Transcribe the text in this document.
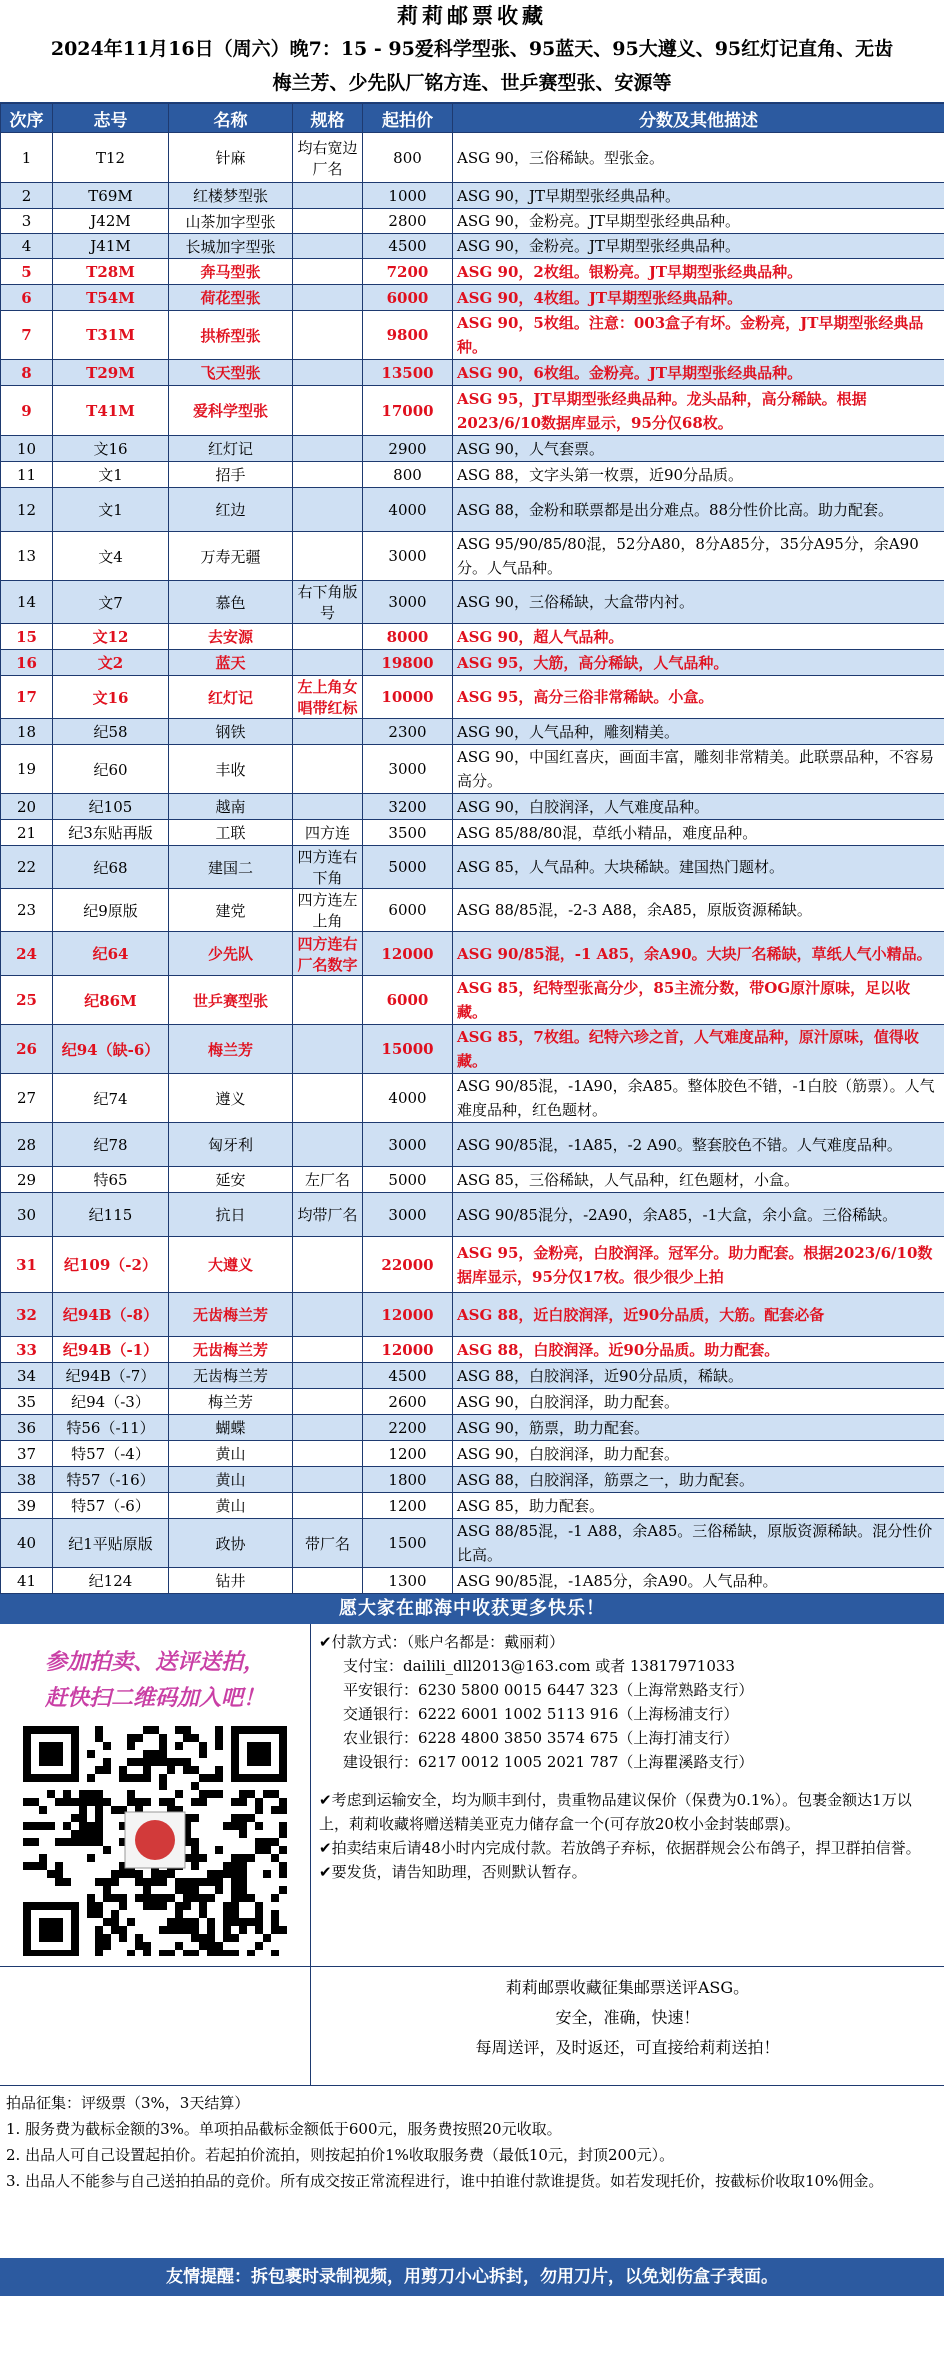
莉莉邮票收藏
2024年11月16日（周六）晚7：15 - 95爱科学型张、95蓝天、95大遵义、95红灯记直角、无齿
梅兰芳、少先队厂铭方连、世乒赛型张、安源等
次序	志号	名称	规格	起拍价	分数及其他描述
1	T12	针麻	均右宽边厂名	800	ASG 90，三俗稀缺。型张金。
2	T69M	红楼梦型张		1000	ASG 90，JT早期型张经典品种。
3	J42M	山茶加字型张		2800	ASG 90，金粉亮。JT早期型张经典品种。
4	J41M	长城加字型张		4500	ASG 90，金粉亮。JT早期型张经典品种。
5	T28M	奔马型张		7200	ASG 90，2枚组。银粉亮。JT早期型张经典品种。
6	T54M	荷花型张		6000	ASG 90，4枚组。JT早期型张经典品种。
7	T31M	拱桥型张		9800	ASG 90，5枚组。注意：003盒子有坏。金粉亮，JT早期型张经典品种。
8	T29M	飞天型张		13500	ASG 90，6枚组。金粉亮。JT早期型张经典品种。
9	T41M	爱科学型张		17000	ASG 95，JT早期型张经典品种。龙头品种，高分稀缺。根据2023/6/10数据库显示，95分仅68枚。
10	文16	红灯记		2900	ASG 90，人气套票。
11	文1	招手		800	ASG 88，文字头第一枚票，近90分品质。
12	文1	红边		4000	ASG 88，金粉和联票都是出分难点。88分性价比高。助力配套。
13	文4	万寿无疆		3000	ASG 95/90/85/80混，52分A80，8分A85分，35分A95分，余A90分。人气品种。
14	文7	慕色	右下角版号	3000	ASG 90，三俗稀缺，大盒带内衬。
15	文12	去安源		8000	ASG 90，超人气品种。
16	文2	蓝天		19800	ASG 95，大筋，高分稀缺，人气品种。
17	文16	红灯记	左上角女唱带红标	10000	ASG 95，高分三俗非常稀缺。小盒。
18	纪58	钢铁		2300	ASG 90，人气品种，雕刻精美。
19	纪60	丰收		3000	ASG 90，中国红喜庆，画面丰富，雕刻非常精美。此联票品种，不容易高分。
20	纪105	越南		3200	ASG 90，白胶润泽，人气难度品种。
21	纪3东贴再版	工联	四方连	3500	ASG 85/88/80混，草纸小精品，难度品种。
22	纪68	建国二	四方连右下角	5000	ASG 85，人气品种。大块稀缺。建国热门题材。
23	纪9原版	建党	四方连左上角	6000	ASG 88/85混，-2-3 A88，余A85，原版资源稀缺。
24	纪64	少先队	四方连右厂名数字	12000	ASG 90/85混，-1 A85，余A90。大块厂名稀缺，草纸人气小精品。
25	纪86M	世乒赛型张		6000	ASG 85，纪特型张高分少，85主流分数，带OG原汁原味，足以收藏。
26	纪94（缺-6）	梅兰芳		15000	ASG 85，7枚组。纪特六珍之首，人气难度品种，原汁原味，值得收藏。
27	纪74	遵义		4000	ASG 90/85混，-1A90，余A85。整体胶色不错，-1白胶（筋票）。人气难度品种，红色题材。
28	纪78	匈牙利		3000	ASG 90/85混，-1A85，-2 A90。整套胶色不错。人气难度品种。
29	特65	延安	左厂名	5000	ASG 85，三俗稀缺，人气品种，红色题材，小盒。
30	纪115	抗日	均带厂名	3000	ASG 90/85混分，-2A90，余A85，-1大盒，余小盒。三俗稀缺。
31	纪109（-2）	大遵义		22000	ASG 95，金粉亮，白胶润泽。冠军分。助力配套。根据2023/6/10数据库显示，95分仅17枚。很少很少上拍
32	纪94B（-8）	无齿梅兰芳		12000	ASG 88，近白胶润泽，近90分品质，大筋。配套必备
33	纪94B（-1）	无齿梅兰芳		12000	ASG 88，白胶润泽。近90分品质。助力配套。
34	纪94B（-7）	无齿梅兰芳		4500	ASG 88，白胶润泽，近90分品质，稀缺。
35	纪94（-3）	梅兰芳		2600	ASG 90，白胶润泽，助力配套。
36	特56（-11）	蝴蝶		2200	ASG 90，筋票，助力配套。
37	特57（-4）	黄山		1200	ASG 90，白胶润泽，助力配套。
38	特57（-16）	黄山		1800	ASG 88，白胶润泽，筋票之一，助力配套。
39	特57（-6）	黄山		1200	ASG 85，助力配套。
40	纪1平贴原版	政协	带厂名	1500	ASG 88/85混，-1 A88，余A85。三俗稀缺，原版资源稀缺。混分性价比高。
41	纪124	钻井		1300	ASG 90/85混，-1A85分，余A90。人气品种。
愿大家在邮海中收获更多快乐！
参加拍卖、送评送拍，
赶快扫二维码加入吧！
✔付款方式：（账户名都是：戴丽莉）
支付宝：dailili_dll2013@163.com 或者 13817971033
平安银行：6230 5800 0015 6447 323（上海常熟路支行）
交通银行：6222 6001 1002 5113 916（上海杨浦支行）
农业银行：6228 4800 3850 3574 675（上海打浦支行）
建设银行：6217 0012 1005 2021 787（上海瞿溪路支行）
✔考虑到运输安全，均为顺丰到付，贵重物品建议保价（保费为0.1%）。包裹金额达1万以上，莉莉收藏将赠送精美亚克力储存盒一个(可存放20枚小金封装邮票)。
✔拍卖结束后请48小时内完成付款。若放鸽子弃标，依据群规会公布鸽子，捍卫群拍信誉。
✔要发货，请告知助理，否则默认暂存。
莉莉邮票收藏征集邮票送评ASG。
安全，准确，快速！
每周送评，及时返还，可直接给莉莉送拍！
拍品征集：评级票（3%，3天结算）
1. 服务费为截标金额的3%。单项拍品截标金额低于600元，服务费按照20元收取。
2. 出品人可自己设置起拍价。若起拍价流拍，则按起拍价1%收取服务费（最低10元，封顶200元）。
3. 出品人不能参与自己送拍拍品的竞价。所有成交按正常流程进行，谁中拍谁付款谁提货。如若发现托价，按截标价收取10%佣金。
友情提醒：拆包裹时录制视频，用剪刀小心拆封，勿用刀片，以免划伤盒子表面。
